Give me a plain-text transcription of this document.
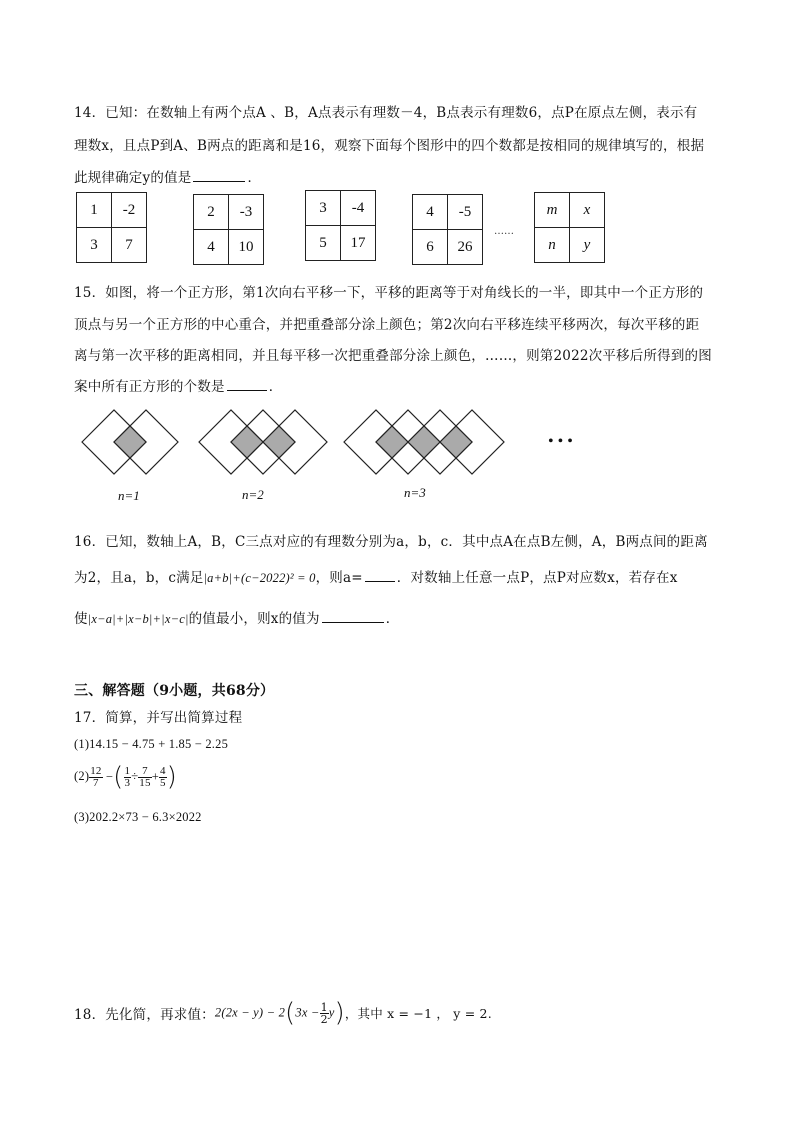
14．已知：在数轴上有两个点A 、B，A点表示有理数－4，B点表示有理数6，点P在原点左侧，表示有
理数x，且点P到A、B两点的距离和是16，观察下面每个图形中的四个数都是按相同的规律填写的，根据
此规律确定y的值是	．
1	-2
3	7
2	-3
4	10
3	-4
5	17
4	-5
6	26
……
m	x
n	y
15．如图，将一个正方形，第1次向右平移一下，平移的距离等于对角线长的一半，即其中一个正方形的
顶点与另一个正方形的中心重合，并把重叠部分涂上颜色；第2次向右平移连续平移两次，每次平移的距
离与第一次平移的距离相同，并且每平移一次把重叠部分涂上颜色，……，则第2022次平移后所得到的图
案中所有正方形的个数是	．
• • •
n=1	n=2	n=3
16．已知，数轴上A，B，C三点对应的有理数分别为a，b，c．其中点A在点B左侧，A，B两点间的距离
为2，且a，b，c满足|a+b|+(c−2022)² = 0，则a=	．对数轴上任意一点P，点P对应数x，若存在x
使|x−a|+|x−b|+|x−c|的值最小，则x的值为	．
三、解答题（9小题，共68分）
17．简算，并写出简算过程
(1)14.15 − 4.75 + 1.85 − 2.25
$(2) \frac{12}{7}$ −( $\frac{1}{3} \div \frac{7}{15} + \frac{4}{5}$ )
(3)202.2×73 − 6.3×2022
18．先化简，再求值：$2(2x - y) - 2(3x - \frac{1}{2} y)$，其中 x = −1 ， y = 2.
